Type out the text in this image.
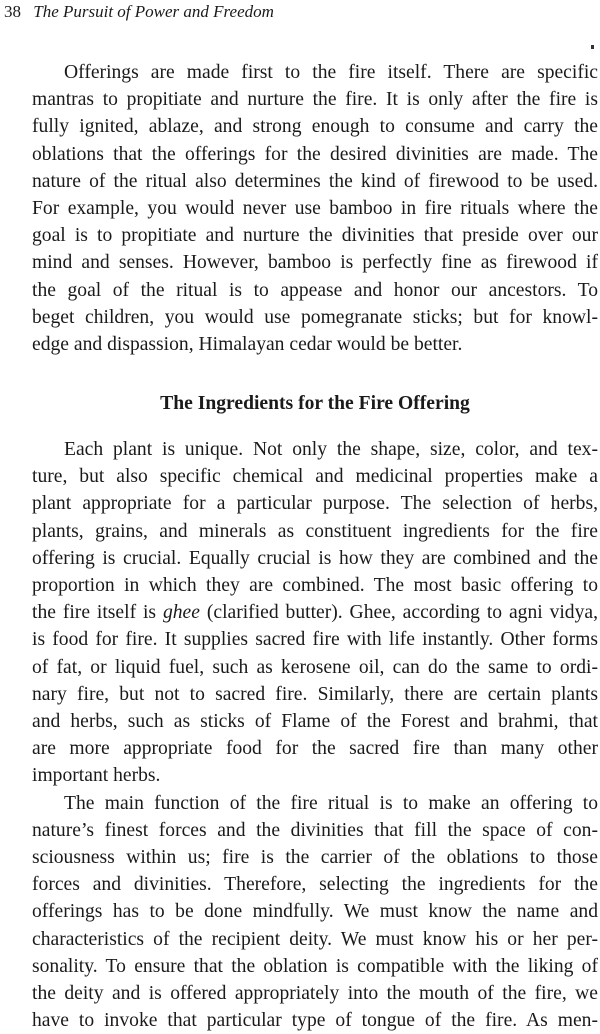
38 The Pursuit of Power and Freedom
Offerings are made first to the fire itself. There are specific
mantras to propitiate and nurture the fire. It is only after the fire is
fully ignited, ablaze, and strong enough to consume and carry the
oblations that the offerings for the desired divinities are made. The
nature of the ritual also determines the kind of firewood to be used.
For example, you would never use bamboo in fire rituals where the
goal is to propitiate and nurture the divinities that preside over our
mind and senses. However, bamboo is perfectly fine as firewood if
the goal of the ritual is to appease and honor our ancestors. To
beget children, you would use pomegranate sticks; but for knowl-
edge and dispassion, Himalayan cedar would be better.
The Ingredients for the Fire Offering
Each plant is unique. Not only the shape, size, color, and tex-
ture, but also specific chemical and medicinal properties make a
plant appropriate for a particular purpose. The selection of herbs,
plants, grains, and minerals as constituent ingredients for the fire
offering is crucial. Equally crucial is how they are combined and the
proportion in which they are combined. The most basic offering to
the fire itself is ghee (clarified butter). Ghee, according to agni vidya,
is food for fire. It supplies sacred fire with life instantly. Other forms
of fat, or liquid fuel, such as kerosene oil, can do the same to ordi-
nary fire, but not to sacred fire. Similarly, there are certain plants
and herbs, such as sticks of Flame of the Forest and brahmi, that
are more appropriate food for the sacred fire than many other
important herbs.
The main function of the fire ritual is to make an offering to
nature’s finest forces and the divinities that fill the space of con-
sciousness within us; fire is the carrier of the oblations to those
forces and divinities. Therefore, selecting the ingredients for the
offerings has to be done mindfully. We must know the name and
characteristics of the recipient deity. We must know his or her per-
sonality. To ensure that the oblation is compatible with the liking of
the deity and is offered appropriately into the mouth of the fire, we
have to invoke that particular type of tongue of the fire. As men-
